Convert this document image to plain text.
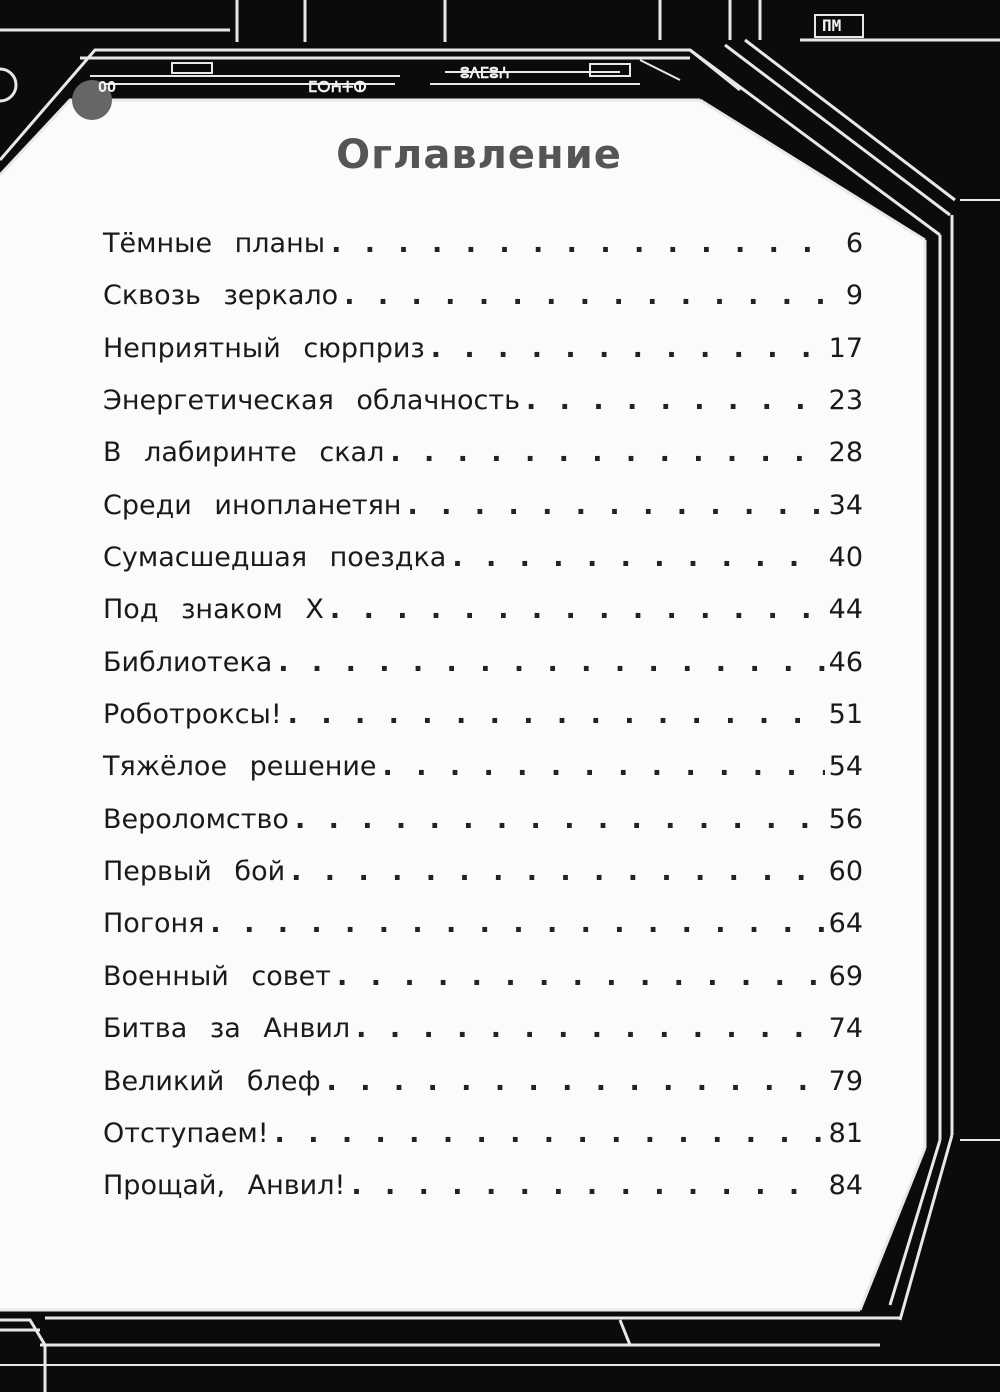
OO	ⵎⵔⵄⵜⵀ
ⵓⴷⵎⵓⵄ
ΠM
Оглавление
Тёмные планы . . .	6
Сквозь зеркало . . .	9
Неприятный сюрприз . . .	17
Энергетическая облачность . . .	23
В лабиринте скал . . .	28
Среди инопланетян . . .	34
Сумасшедшая поездка . . .	40
Под знаком Х . . .	44
Библиотека . . .	46
Роботроксы! . . .	51
Тяжёлое решение . . .	54
Вероломство . . .	56
Первый бой . . .	60
Погоня . . .	64
Военный совет . . .	69
Битва за Анвил . . .	74
Великий блеф . . .	79
Отступаем! . . .	81
Прощай, Анвил! . . .	84
